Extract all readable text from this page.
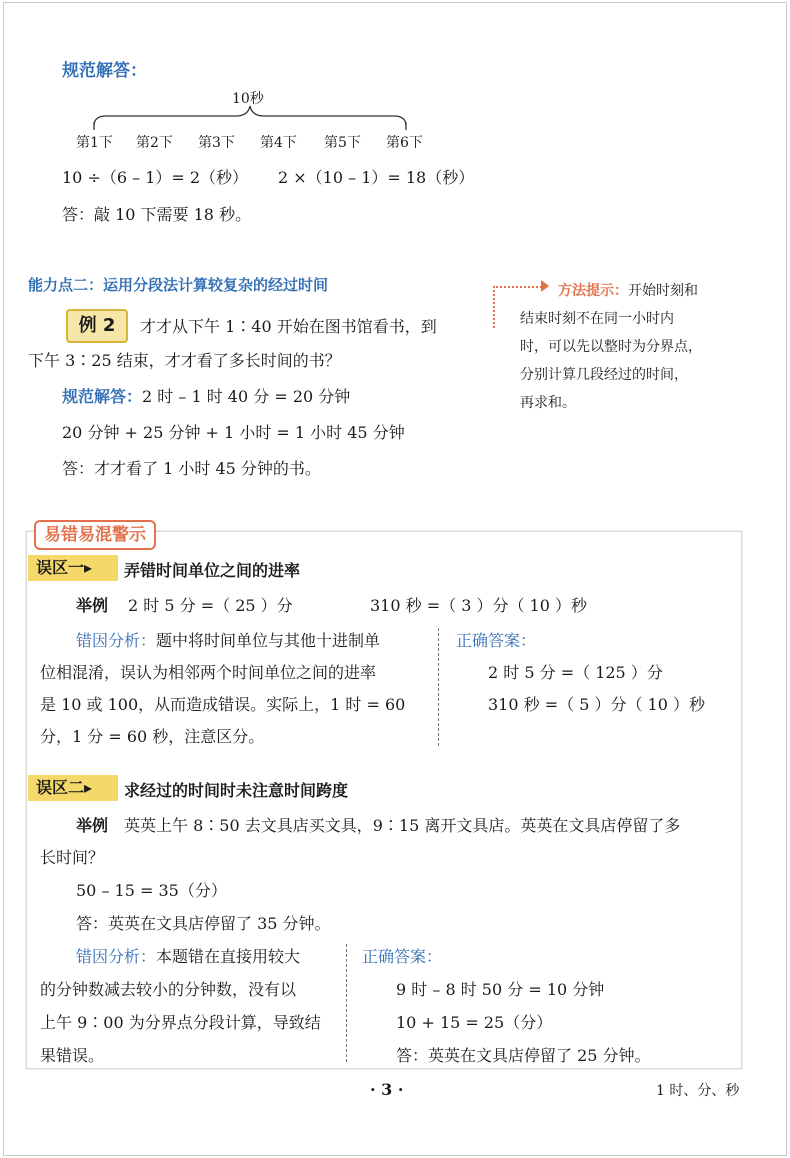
规范解答：
10秒
第1下 第2下 第3下 第4下 第5下 第6下
10 ÷（6 – 1）= 2（秒） 2 ×（10 – 1）= 18（秒）
答：敲 10 下需要 18 秒。
能力点二：运用分段法计算较复杂的经过时间
例 2	才才从下午 1∶40 开始在图书馆看书，到
下午 3∶25 结束，才才看了多长时间的书？
规范解答：2 时 – 1 时 40 分 = 20 分钟
20 分钟 + 25 分钟 + 1 小时 = 1 小时 45 分钟
答：才才看了 1 小时 45 分钟的书。
方法提示：开始时刻和
结束时刻不在同一小时内
时，可以先以整时为分界点，
分别计算几段经过的时间，
再求和。
易错易混警示
误区一▸	弄错时间单位之间的进率
举例 2 时 5 分 =（ 25 ）分	310 秒 =（ 3 ）分（ 10 ）秒
错因分析：题中将时间单位与其他十进制单
位相混淆，误认为相邻两个时间单位之间的进率
是 10 或 100，从而造成错误。实际上，1 时 = 60
分，1 分 = 60 秒，注意区分。
正确答案：
2 时 5 分 =（ 125 ）分
310 秒 =（ 5 ）分（ 10 ）秒
误区二▸	求经过的时间时未注意时间跨度
举例 英英上午 8∶50 去文具店买文具，9∶15 离开文具店。英英在文具店停留了多
长时间？
50 – 15 = 35（分）
答：英英在文具店停留了 35 分钟。
错因分析：本题错在直接用较大
的分钟数减去较小的分钟数，没有以
上午 9∶00 为分界点分段计算，导致结
果错误。
正确答案：
9 时 – 8 时 50 分 = 10 分钟
10 + 15 = 25（分）
答：英英在文具店停留了 25 分钟。
· 3 ·	1 时、分、秒
